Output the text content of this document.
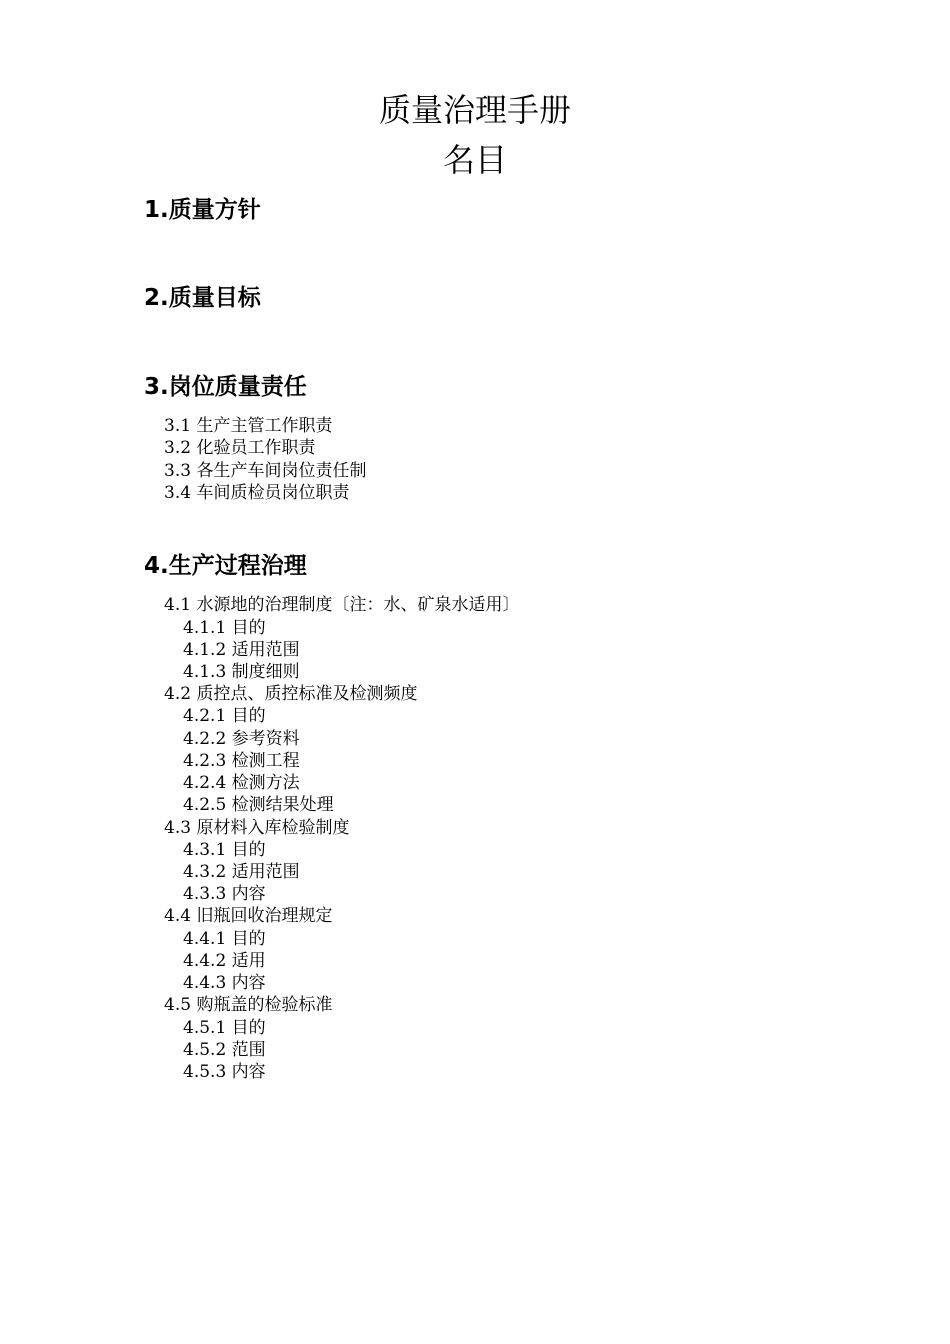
质量治理手册
名目
1.质量方针
2.质量目标
3.岗位质量责任
3.1 生产主管工作职责
3.2 化验员工作职责
3.3 各生产车间岗位责任制
3.4 车间质检员岗位职责
4.生产过程治理
4.1 水源地的治理制度〔注：水、矿泉水适用〕
4.1.1 目的
4.1.2 适用范围
4.1.3 制度细则
4.2 质控点、质控标准及检测频度
4.2.1 目的
4.2.2 参考资料
4.2.3 检测工程
4.2.4 检测方法
4.2.5 检测结果处理
4.3 原材料入库检验制度
4.3.1 目的
4.3.2 适用范围
4.3.3 内容
4.4 旧瓶回收治理规定
4.4.1 目的
4.4.2 适用
4.4.3 内容
4.5 购瓶盖的检验标准
4.5.1 目的
4.5.2 范围
4.5.3 内容
